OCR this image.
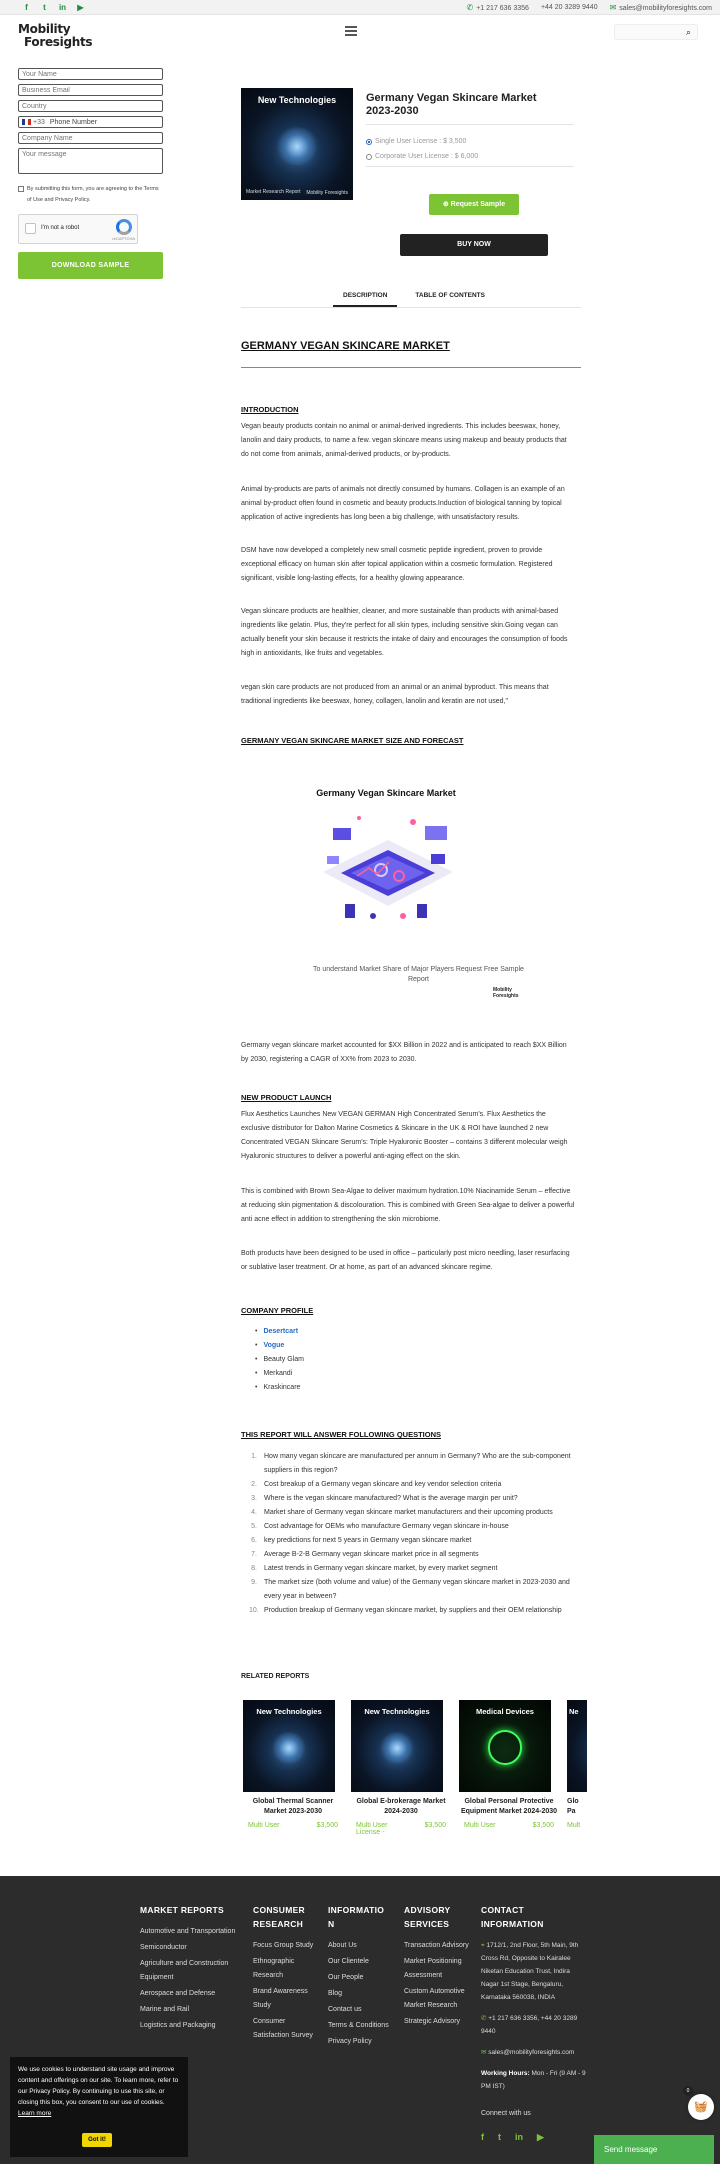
f	t	in ▶	✆ +1 217 636 3356 +44 20 3289 9440 ✉ sales@mobilityforesights.com
Mobility
Foresights
⌕
Your Name
Business Email
Country
+33 Phone Number
Company Name
Your message
By submitting this form, you are agreeing to the Terms of Use and Privacy Policy.
I'm not a robot
reCAPTCHA
DOWNLOAD SAMPLE
New Technologies
Market Research Report Mobility Foresights
Germany Vegan Skincare Market 2023-2030
Single User License : $ 3,500
Corporate User License : $ 6,000
⊕ Request Sample
BUY NOW
DESCRIPTION	TABLE OF CONTENTS
GERMANY VEGAN SKINCARE MARKET
INTRODUCTION
Vegan beauty products contain no animal or animal-derived ingredients. This includes beeswax, honey, lanolin and dairy products, to name a few. vegan skincare means using makeup and beauty products that do not come from animals, animal-derived products, or by-products.
Animal by-products are parts of animals not directly consumed by humans. Collagen is an example of an animal by-product often found in cosmetic and beauty products.Induction of biological tanning by topical application of active ingredients has long been a big challenge, with unsatisfactory results.
DSM have now developed a completely new small cosmetic peptide ingredient, proven to provide exceptional efficacy on human skin after topical application within a cosmetic formulation. Registered significant, visible long-lasting effects, for a healthy glowing appearance.
Vegan skincare products are healthier, cleaner, and more sustainable than products with animal-based ingredients like gelatin. Plus, they're perfect for all skin types, including sensitive skin.Going vegan can actually benefit your skin because it restricts the intake of dairy and encourages the consumption of foods high in antioxidants, like fruits and vegetables.
vegan skin care products are not produced from an animal or an animal byproduct. This means that traditional ingredients like beeswax, honey, collagen, lanolin and keratin are not used,"
GERMANY VEGAN SKINCARE MARKET SIZE AND FORECAST
Germany Vegan Skincare Market
To understand Market Share of Major Players Request Free Sample Report
Mobility Foresights
Germany vegan skincare market accounted for $XX Billion in 2022 and is anticipated to reach $XX Billion by 2030, registering a CAGR of XX% from 2023 to 2030.
NEW PRODUCT LAUNCH
Flux Aesthetics Launches New VEGAN GERMAN High Concentrated Serum's. Flux Aesthetics the exclusive distributor for Dalton Marine Cosmetics & Skincare in the UK & ROI have launched 2 new Concentrated VEGAN Skincare Serum's: Triple Hyaluronic Booster – contains 3 different molecular weigh Hyaluronic structures to deliver a powerful anti-aging effect on the skin.
This is combined with Brown Sea-Algae to deliver maximum hydration.10% Niacinamide Serum – effective at reducing skin pigmentation & discolouration. This is combined with Green Sea-algae to deliver a powerful anti acne effect in addition to strengthening the skin microbiome.
Both products have been designed to be used in office – particularly post micro needling, laser resurfacing or sublative laser treatment. Or at home, as part of an advanced skincare regime.
COMPANY PROFILE
• Desertcart
• Vogue
• Beauty Glam
• Merkandi
• Kraskincare
THIS REPORT WILL ANSWER FOLLOWING QUESTIONS
1. How many vegan skincare are manufactured per annum in Germany? Who are the sub-component suppliers in this region?
2. Cost breakup of a Germany vegan skincare and key vendor selection criteria
3. Where is the vegan skincare manufactured? What is the average margin per unit?
4. Market share of Germany vegan skincare market manufacturers and their upcoming products
5. Cost advantage for OEMs who manufacture Germany vegan skincare in-house
6. key predictions for next 5 years in Germany vegan skincare market
7. Average B-2-B Germany vegan skincare market price in all segments
8. Latest trends in Germany vegan skincare market, by every market segment
9. The market size (both volume and value) of the Germany vegan skincare market in 2023-2030 and every year in between?
10. Production breakup of Germany vegan skincare market, by suppliers and their OEM relationship
RELATED REPORTS
New Technologies
Global Thermal Scanner Market 2023-2030
Multi User	$3,500
New Technologies
Global E-brokerage Market 2024-2030
Multi User License -
$3,500
Medical Devices
Global Personal Protective Equipment Market 2024-2030
Multi User	$3,500
Ne
Glo Pa
Mult
MARKET REPORTS
Automotive and Transportation
Semiconductor
Agriculture and Construction Equipment
Aerospace and Defense
Marine and Rail
Logistics and Packaging
CONSUMER RESEARCH
Focus Group Study
Ethnographic Research
Brand Awareness Study
Consumer Satisfaction Survey
INFORMATION
About Us
Our Clientele
Our People
Blog
Contact us
Terms & Conditions
Privacy Policy
ADVISORY SERVICES
Transaction Advisory
Market Positioning Assessment
Custom Automotive Market Research
Strategic Advisory
CONTACT INFORMATION
⌖ 1712/1, 2nd Floor, 5th Main, 9th Cross Rd, Opposite to Kairalee Niketan Education Trust, Indira Nagar 1st Stage, Bengaluru, Karnataka 560038, INDIA
✆ +1 217 636 3356, +44 20 3289 9440
✉ sales@mobilityforesights.com
Working Hours: Mon - Fri (9 AM - 9 PM IST)
Connect with us
f t in ▶
We use cookies to understand site usage and improve content and offerings on our site. To learn more, refer to our Privacy Policy. By continuing to use this site, or closing this box, you consent to our use of cookies. Learn more
Got it!
🧺
0
Send message
